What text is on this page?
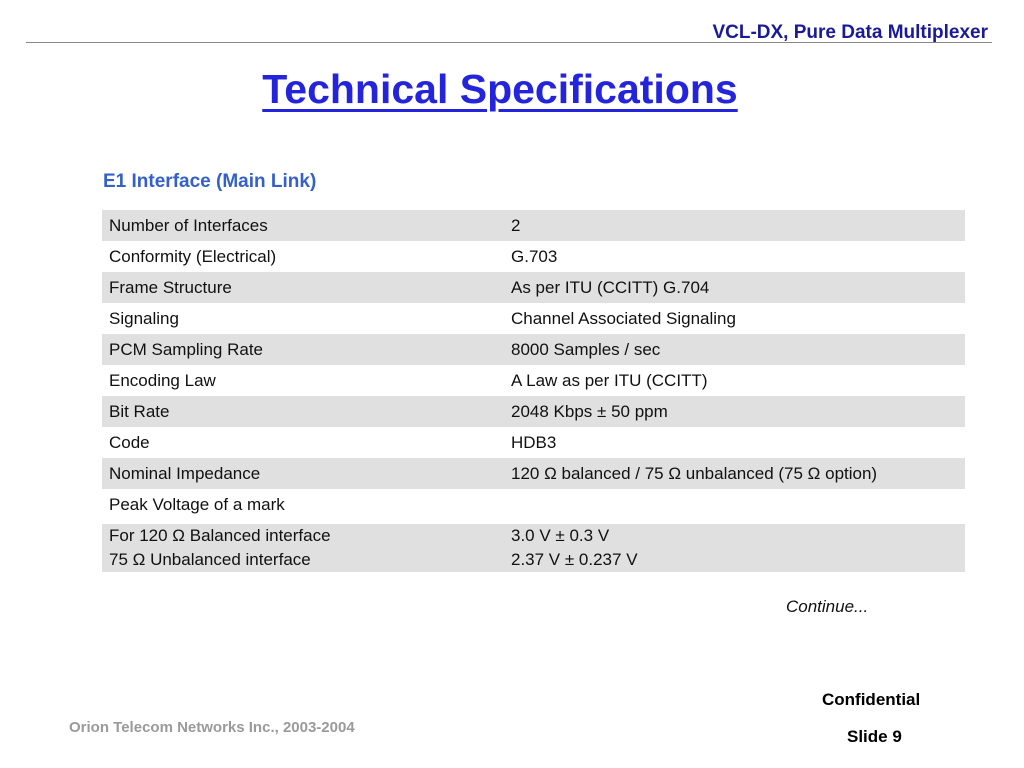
VCL-DX, Pure Data Multiplexer
Technical Specifications
E1 Interface (Main Link)
Number of Interfaces	2
Conformity (Electrical)	G.703
Frame Structure	As per ITU (CCITT) G.704
Signaling	Channel Associated Signaling
PCM Sampling Rate	8000 Samples / sec
Encoding Law	A Law as per ITU (CCITT)
Bit Rate	2048 Kbps ± 50 ppm
Code	HDB3
Nominal Impedance	120 Ω balanced / 75 Ω unbalanced (75 Ω option)
Peak Voltage of a mark
For 120 Ω Balanced interface	3.0 V ± 0.3 V
75 Ω Unbalanced interface	2.37 V ± 0.237 V
Continue...
Orion Telecom Networks Inc., 2003-2004
Confidential
Slide 9
